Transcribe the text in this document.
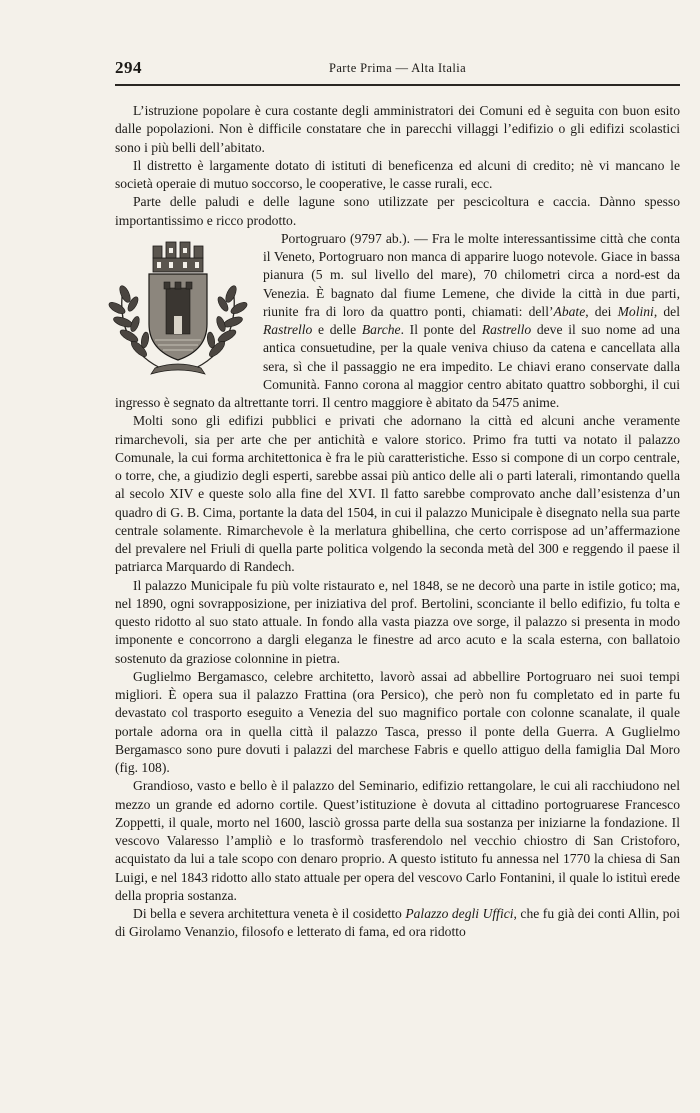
294	Parte Prima — Alta Italia

L’istruzione popolare è cura costante degli amministratori dei Comuni ed è seguita con buon esito dalle popolazioni. Non è difficile constatare che in parecchi villaggi l’edifizio o gli edifizi scolastici sono i più belli dell’abitato.

Il distretto è largamente dotato di istituti di beneficenza ed alcuni di credito; nè vi mancano le società operaie di mutuo soccorso, le cooperative, le casse rurali, ecc.

Parte delle paludi e delle lagune sono utilizzate per pescicoltura e caccia. Dànno spesso importantissimo e ricco prodotto.

Portogruaro (9797 ab.). — Fra le molte interessantissime città che conta il Veneto, Portogruaro non manca di apparire luogo notevole. Giace in bassa pianura (5 m. sul livello del mare), 70 chilometri circa a nord-est da Venezia. È bagnato dal fiume Lemene, che divide la città in due parti, riunite fra di loro da quattro ponti, chiamati: dell’Abate, dei Molini, del Rastrello e delle Barche. Il ponte del Rastrello deve il suo nome ad una antica consuetudine, per la quale veniva chiuso da catena e cancellata alla sera, sì che il passaggio ne era impedito. Le chiavi erano conservate dalla Comunità. Fanno corona al maggior centro abitato quattro sobborghi, il cui ingresso è segnato da altrettante torri. Il centro maggiore è abitato da 5475 anime.

Molti sono gli edifizi pubblici e privati che adornano la città ed alcuni anche veramente rimarchevoli, sia per arte che per antichità e valore storico. Primo fra tutti va notato il palazzo Comunale, la cui forma architettonica è fra le più caratteristiche. Esso si compone di un corpo centrale, o torre, che, a giudizio degli esperti, sarebbe assai più antico delle ali o parti laterali, rimontando quella al secolo XIV e queste solo alla fine del XVI. Il fatto sarebbe comprovato anche dall’esistenza d’un quadro di G. B. Cima, portante la data del 1504, in cui il palazzo Municipale è disegnato nella sua parte centrale solamente. Rimarchevole è la merlatura ghibellina, che certo corrispose ad un’affermazione del prevalere nel Friuli di quella parte politica volgendo la seconda metà del 300 e reggendo il paese il patriarca Marquardo di Randech.

Il palazzo Municipale fu più volte ristaurato e, nel 1848, se ne decorò una parte in istile gotico; ma, nel 1890, ogni sovrapposizione, per iniziativa del prof. Bertolini, sconciante il bello edifizio, fu tolta e questo ridotto al suo stato attuale. In fondo alla vasta piazza ove sorge, il palazzo si presenta in modo imponente e concorrono a dargli eleganza le finestre ad arco acuto e la scala esterna, con ballatoio sostenuto da graziose colonnine in pietra.

Guglielmo Bergamasco, celebre architetto, lavorò assai ad abbellire Portogruaro nei suoi tempi migliori. È opera sua il palazzo Frattina (ora Persico), che però non fu completato ed in parte fu devastato col trasporto eseguito a Venezia del suo magnifico portale con colonne scanalate, il quale portale adorna ora in quella città il palazzo Tasca, presso il ponte della Guerra. A Guglielmo Bergamasco sono pure dovuti i palazzi del marchese Fabris e quello attiguo della famiglia Dal Moro (fig. 108).

Grandioso, vasto e bello è il palazzo del Seminario, edifizio rettangolare, le cui ali racchiudono nel mezzo un grande ed adorno cortile. Quest’istituzione è dovuta al cittadino portogruarese Francesco Zoppetti, il quale, morto nel 1600, lasciò grossa parte della sua sostanza per iniziarne la fondazione. Il vescovo Valaresso l’ampliò e lo trasformò trasferendolo nel vecchio chiostro di San Cristoforo, acquistato da lui a tale scopo con denaro proprio. A questo istituto fu annessa nel 1770 la chiesa di San Luigi, e nel 1843 ridotto allo stato attuale per opera del vescovo Carlo Fontanini, il quale lo istituì erede della propria sostanza.

Di bella e severa architettura veneta è il cosidetto Palazzo degli Uffici, che fu già dei conti Allin, poi di Girolamo Venanzio, filosofo e letterato di fama, ed ora ridotto
